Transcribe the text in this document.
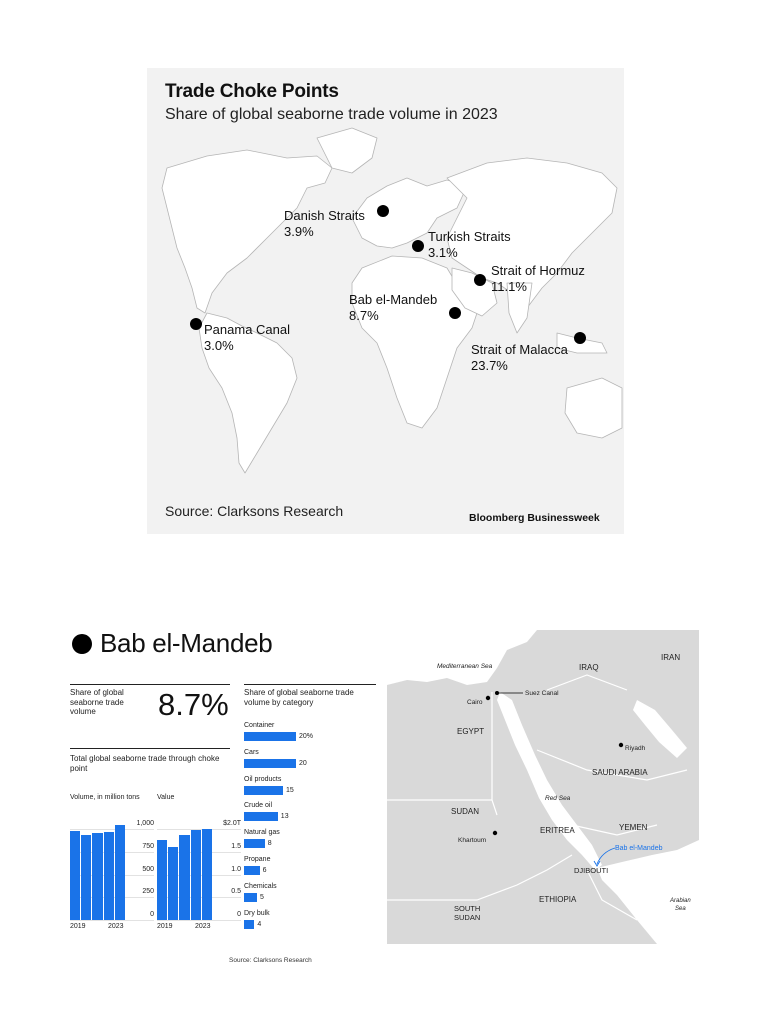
Trade Choke Points
Share of global seaborne trade volume in 2023
Danish Straits
3.9%	Turkish Straits
3.1%
Strait of Hormuz
11.1%
Bab el-Mandeb
8.7%
Panama Canal
3.0%	Strait of Malacca
23.7%
Source: Clarksons Research	Bloomberg Businessweek
Bab el-Mandeb
Share of global seaborne trade volume	8.7% Share of global seaborne trade volume by category
Total global seaborne trade through choke point
Volume, in million tons Value
1,000
750
500
250
0
2019	2023
$2.0T
1.5
1.0
0.5
0
2019	2023
Container
20%
Cars
20
Oil products
15
Crude oil
13
Natural gas
8
Propane
6
Chemicals
5
Dry bulk
4
Source: Clarksons Research
Mediterranean Sea	IRAQ
IRAN
Suez Canal
Cairo
EGYPT
Riyadh
SAUDI ARABIA
Red Sea
SUDAN
Khartoum
ERITREA	YEMEN
Bab el-Mandeb
DJIBOUTI
ETHIOPIA
SOUTH SUDAN
Arabian Sea
